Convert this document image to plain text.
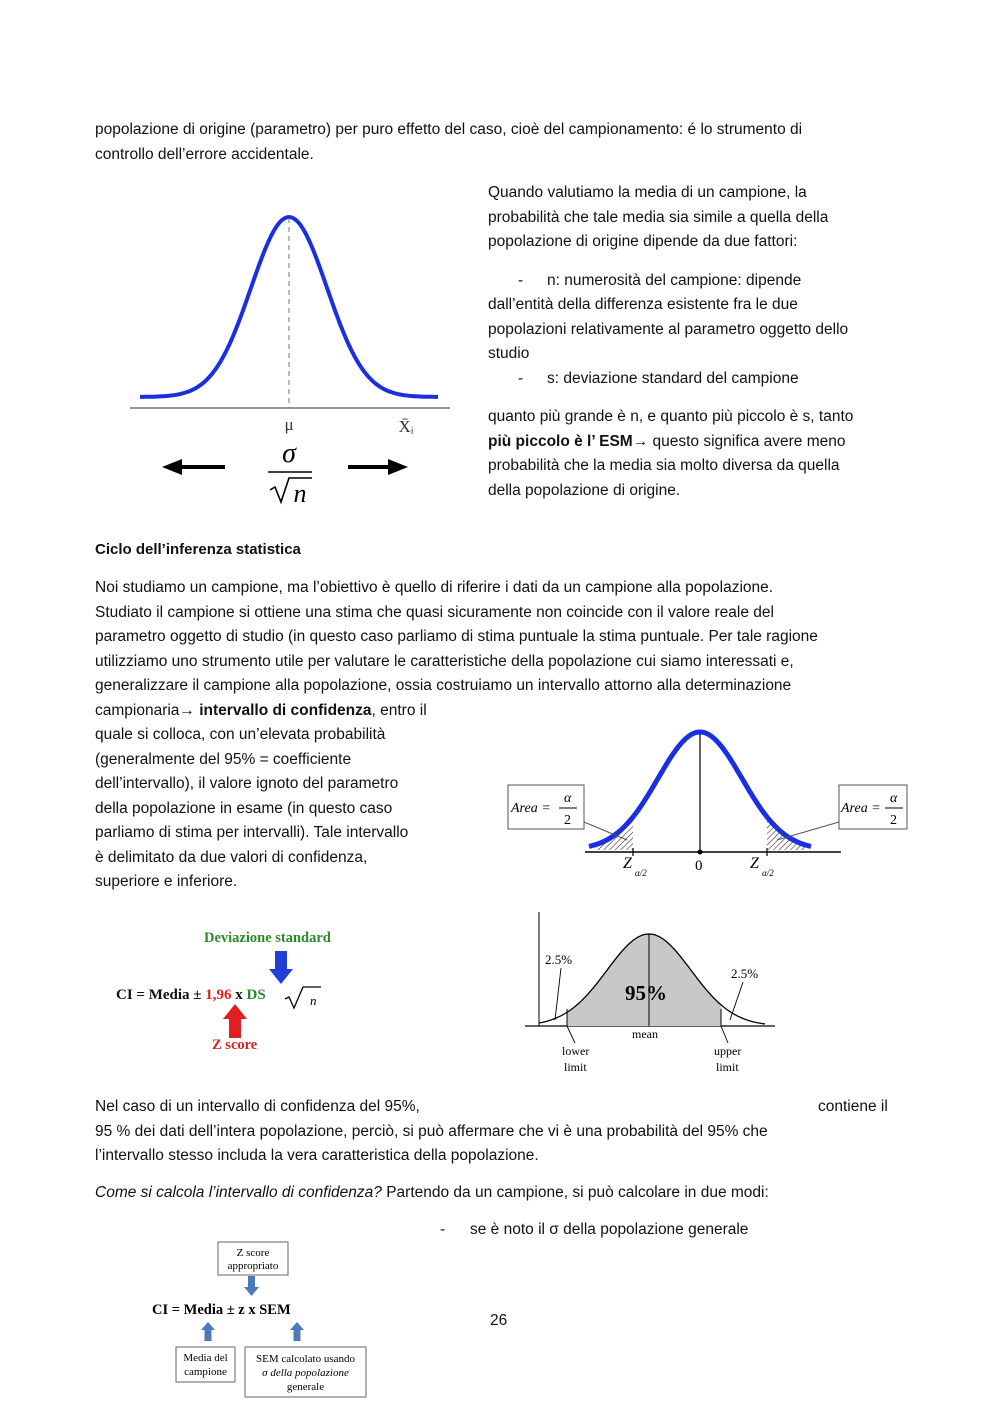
popolazione di origine (parametro) per puro effetto del caso, cioè del campionamento: é lo strumento di
controllo dell’errore accidentale.
μ	X̄ᵢ
σ
n
Quando valutiamo la media di un campione, la
probabilità che tale media sia simile a quella della
popolazione di origine dipende da due fattori:
- n: numerosità del campione: dipende
dall’entità della differenza esistente fra le due
popolazioni relativamente al parametro oggetto dello
studio
- s: deviazione standard del campione
quanto più grande è n, e quanto più piccolo è s, tanto
più piccolo è l’ ESM→ questo significa avere meno
probabilità che la media sia molto diversa da quella
della popolazione di origine.
Ciclo dell’inferenza statistica
Noi studiamo un campione, ma l’obiettivo è quello di riferire i dati da un campione alla popolazione.
Studiato il campione si ottiene una stima che quasi sicuramente non coincide con il valore reale del
parametro oggetto di studio (in questo caso parliamo di stima puntuale la stima puntuale. Per tale ragione
utilizziamo uno strumento utile per valutare le caratteristiche della popolazione cui siamo interessati e,
generalizzare il campione alla popolazione, ossia costruiamo un intervallo attorno alla determinazione
campionaria→ intervallo di confidenza, entro il
quale si colloca, con un’elevata probabilità
(generalmente del 95% = coefficiente
dell’intervallo), il valore ignoto del parametro
della popolazione in esame (in questo caso
parliamo di stima per intervalli). Tale intervallo
è delimitato da due valori di confidenza,
superiore e inferiore.
Z
α/2	0	Z
α/2
Area =
α
2
Area =
α
2
Deviazione standard
CI = Media ± 1,96 x DS	n
Z score
95%
2.5%
2.5%
mean
lower
limit
upper
limit
Nel caso di un intervallo di confidenza del 95%,	contiene il
95 % dei dati dell’intera popolazione, perciò, si può affermare che vi è una probabilità del 95% che
l’intervallo stesso includa la vera caratteristica della popolazione.
Come si calcola l’intervallo di confidenza? Partendo da un campione, si può calcolare in due modi:
- se è noto il σ della popolazione generale
Z score
appropriato
CI = Media ± z x SEM
Media del
campione
SEM calcolato usando
σ della popolazione
generale
26
